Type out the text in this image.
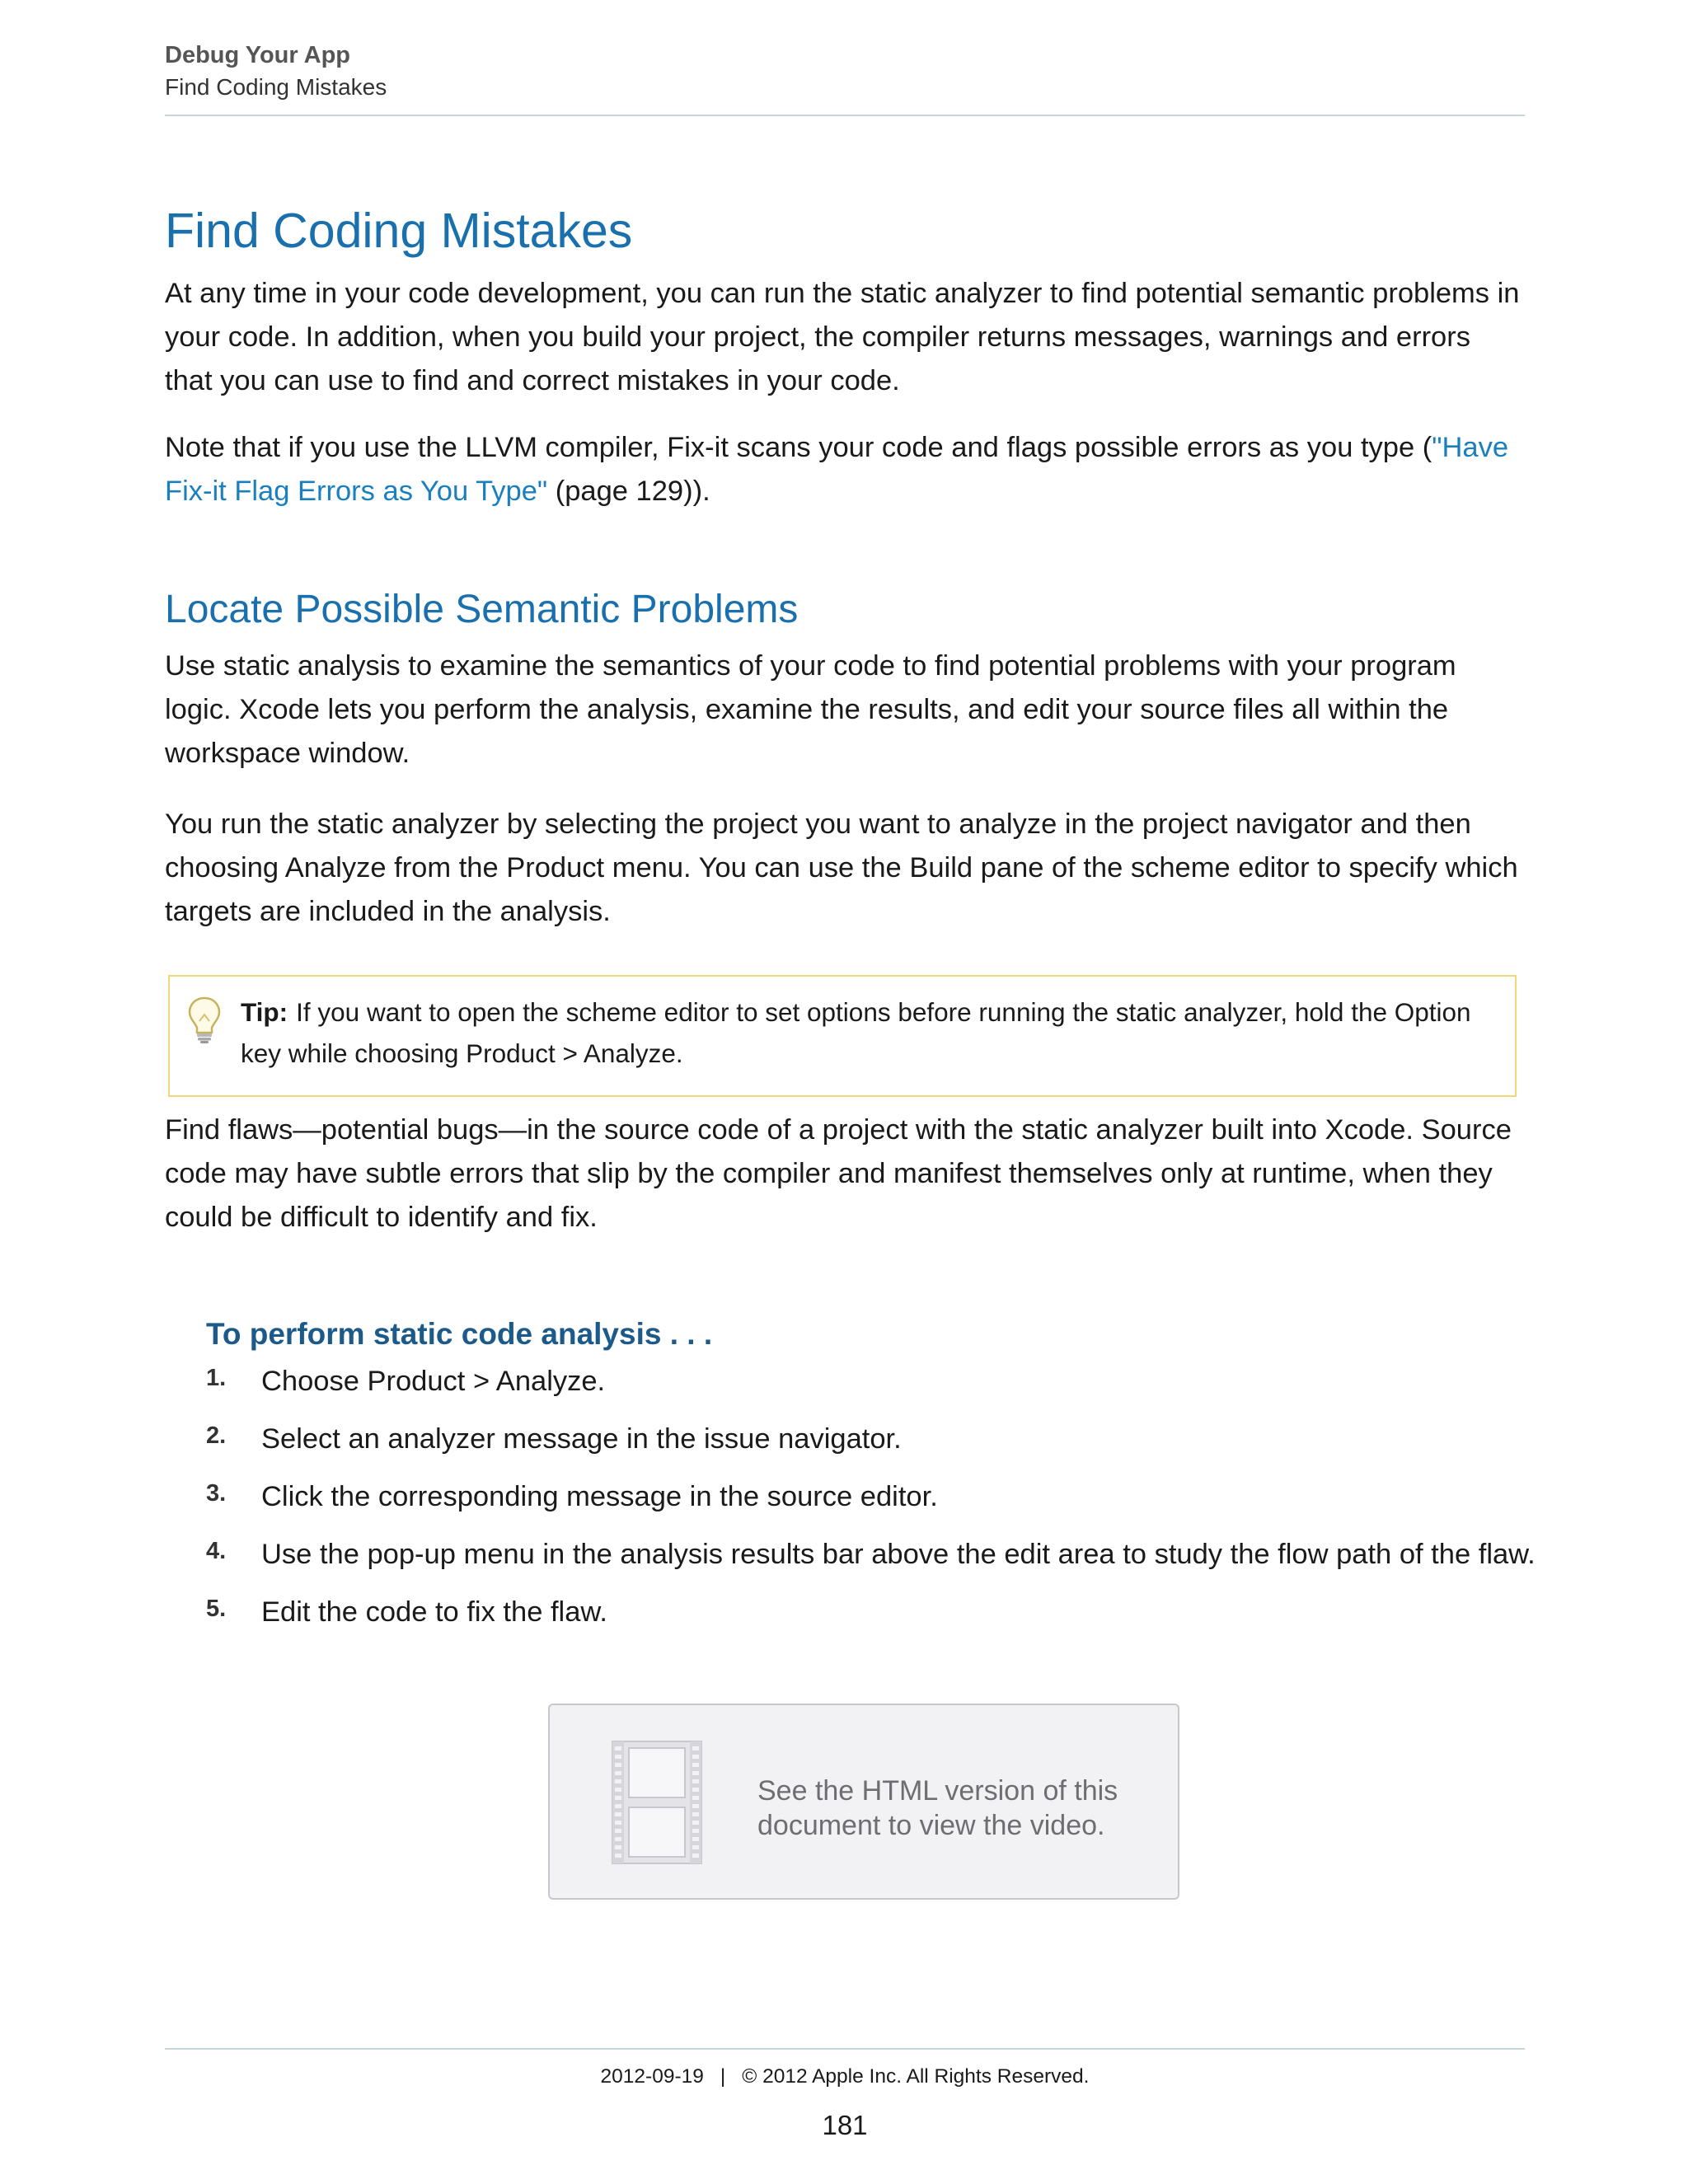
Debug Your App
Find Coding Mistakes
Find Coding Mistakes
At any time in your code development, you can run the static analyzer to find potential semantic problems in your code. In addition, when you build your project, the compiler returns messages, warnings and errors that you can use to find and correct mistakes in your code.
Note that if you use the LLVM compiler, Fix-it scans your code and flags possible errors as you type ("Have Fix-it Flag Errors as You Type" (page 129)).
Locate Possible Semantic Problems
Use static analysis to examine the semantics of your code to find potential problems with your program logic. Xcode lets you perform the analysis, examine the results, and edit your source files all within the workspace window.
You run the static analyzer by selecting the project you want to analyze in the project navigator and then choosing Analyze from the Product menu. You can use the Build pane of the scheme editor to specify which targets are included in the analysis.
Tip: If you want to open the scheme editor to set options before running the static analyzer, hold the Option key while choosing Product > Analyze.
Find flaws—potential bugs—in the source code of a project with the static analyzer built into Xcode. Source code may have subtle errors that slip by the compiler and manifest themselves only at runtime, when they could be difficult to identify and fix.
To perform static code analysis . . .
1. Choose Product > Analyze.
2. Select an analyzer message in the issue navigator.
3. Click the corresponding message in the source editor.
4. Use the pop-up menu in the analysis results bar above the edit area to study the flow path of the flaw.
5. Edit the code to fix the flaw.
See the HTML version of this document to view the video.
2012-09-19 | © 2012 Apple Inc. All Rights Reserved.
181
